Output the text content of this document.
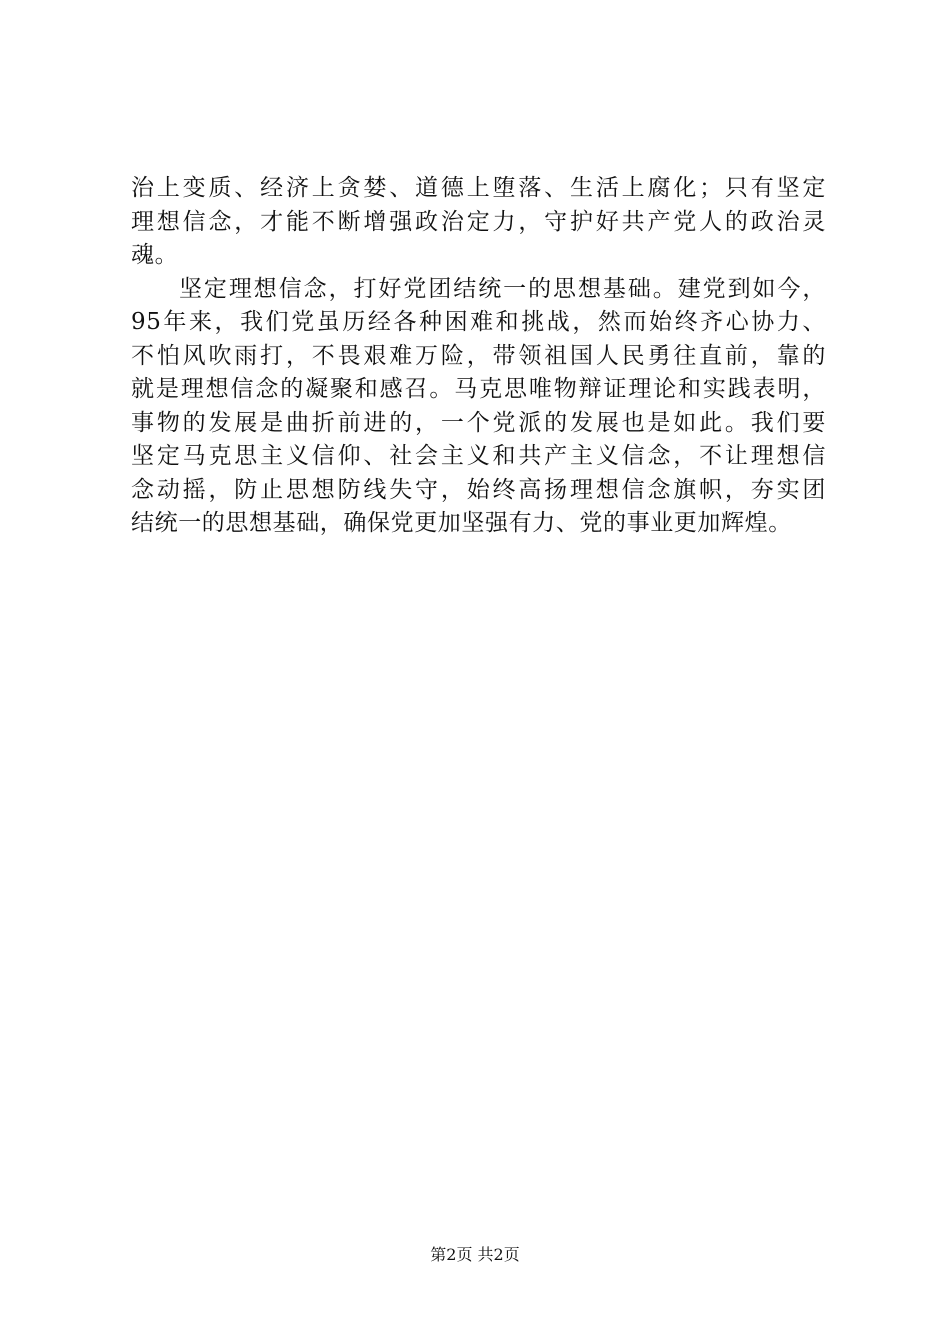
治上变质、经济上贪婪、道德上堕落、生活上腐化；只有坚定
理想信念，才能不断增强政治定力，守护好共产党人的政治灵
魂。
坚定理想信念，打好党团结统一的思想基础。建党到如今，
95年来，我们党虽历经各种困难和挑战，然而始终齐心协力、
不怕风吹雨打，不畏艰难万险，带领祖国人民勇往直前，靠的
就是理想信念的凝聚和感召。马克思唯物辩证理论和实践表明，
事物的发展是曲折前进的，一个党派的发展也是如此。我们要
坚定马克思主义信仰、社会主义和共产主义信念，不让理想信
念动摇，防止思想防线失守，始终高扬理想信念旗帜，夯实团
结统一的思想基础，确保党更加坚强有力、党的事业更加辉煌。
第2页 共2页
